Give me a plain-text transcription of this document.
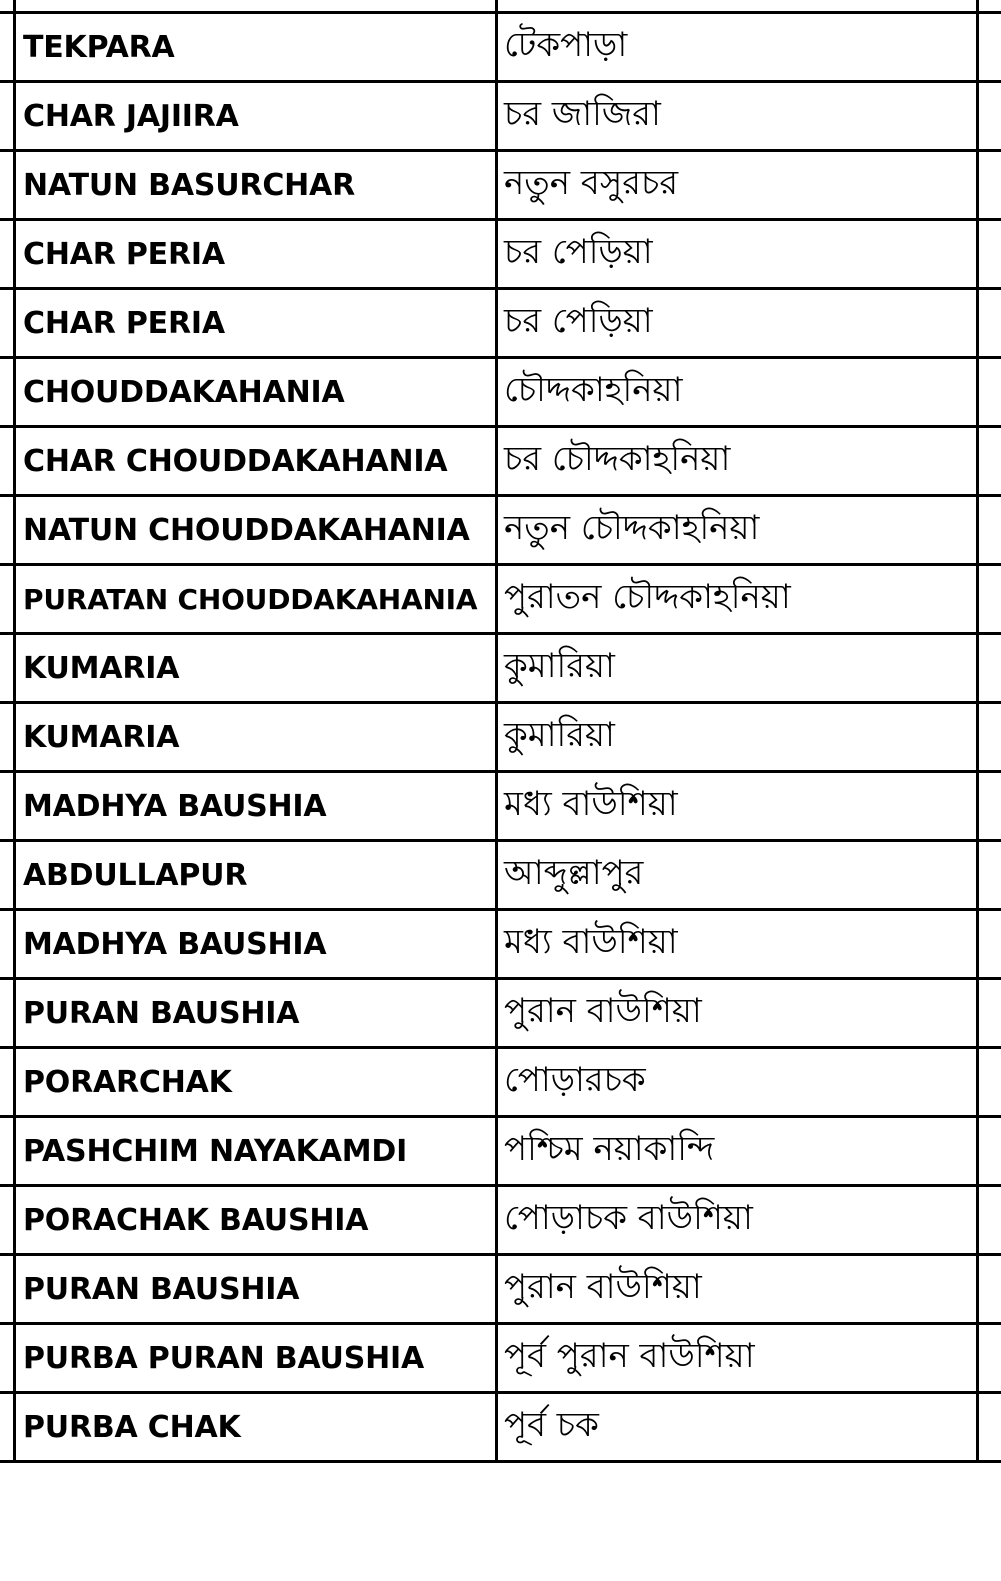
TEKPARA	টেকপাড়া
CHAR JAJIIRA	চর জাজিরা
NATUN BASURCHAR	নতুন বসুরচর
CHAR PERIA	চর পেড়িয়া
CHAR PERIA	চর পেড়িয়া
CHOUDDAKAHANIA	চৌদ্দকাহনিয়া
CHAR CHOUDDAKAHANIA চর চৌদ্দকাহনিয়া
NATUN CHOUDDAKAHANIA নতুন চৌদ্দকাহনিয়া
PURATAN CHOUDDAKAHANIA পুরাতন চৌদ্দকাহনিয়া
KUMARIA	কুমারিয়া
KUMARIA	কুমারিয়া
MADHYA BAUSHIA	মধ্য বাউশিয়া
ABDULLAPUR	আব্দুল্লাপুর
MADHYA BAUSHIA	মধ্য বাউশিয়া
PURAN BAUSHIA	পুরান বাউশিয়া
PORARCHAK	পোড়ারচক
PASHCHIM NAYAKAMDI	পশ্চিম নয়াকান্দি
PORACHAK BAUSHIA	পোড়াচক বাউশিয়া
PURAN BAUSHIA	পুরান বাউশিয়া
PURBA PURAN BAUSHIA পূর্ব পুরান বাউশিয়া
PURBA CHAK	পূর্ব চক
